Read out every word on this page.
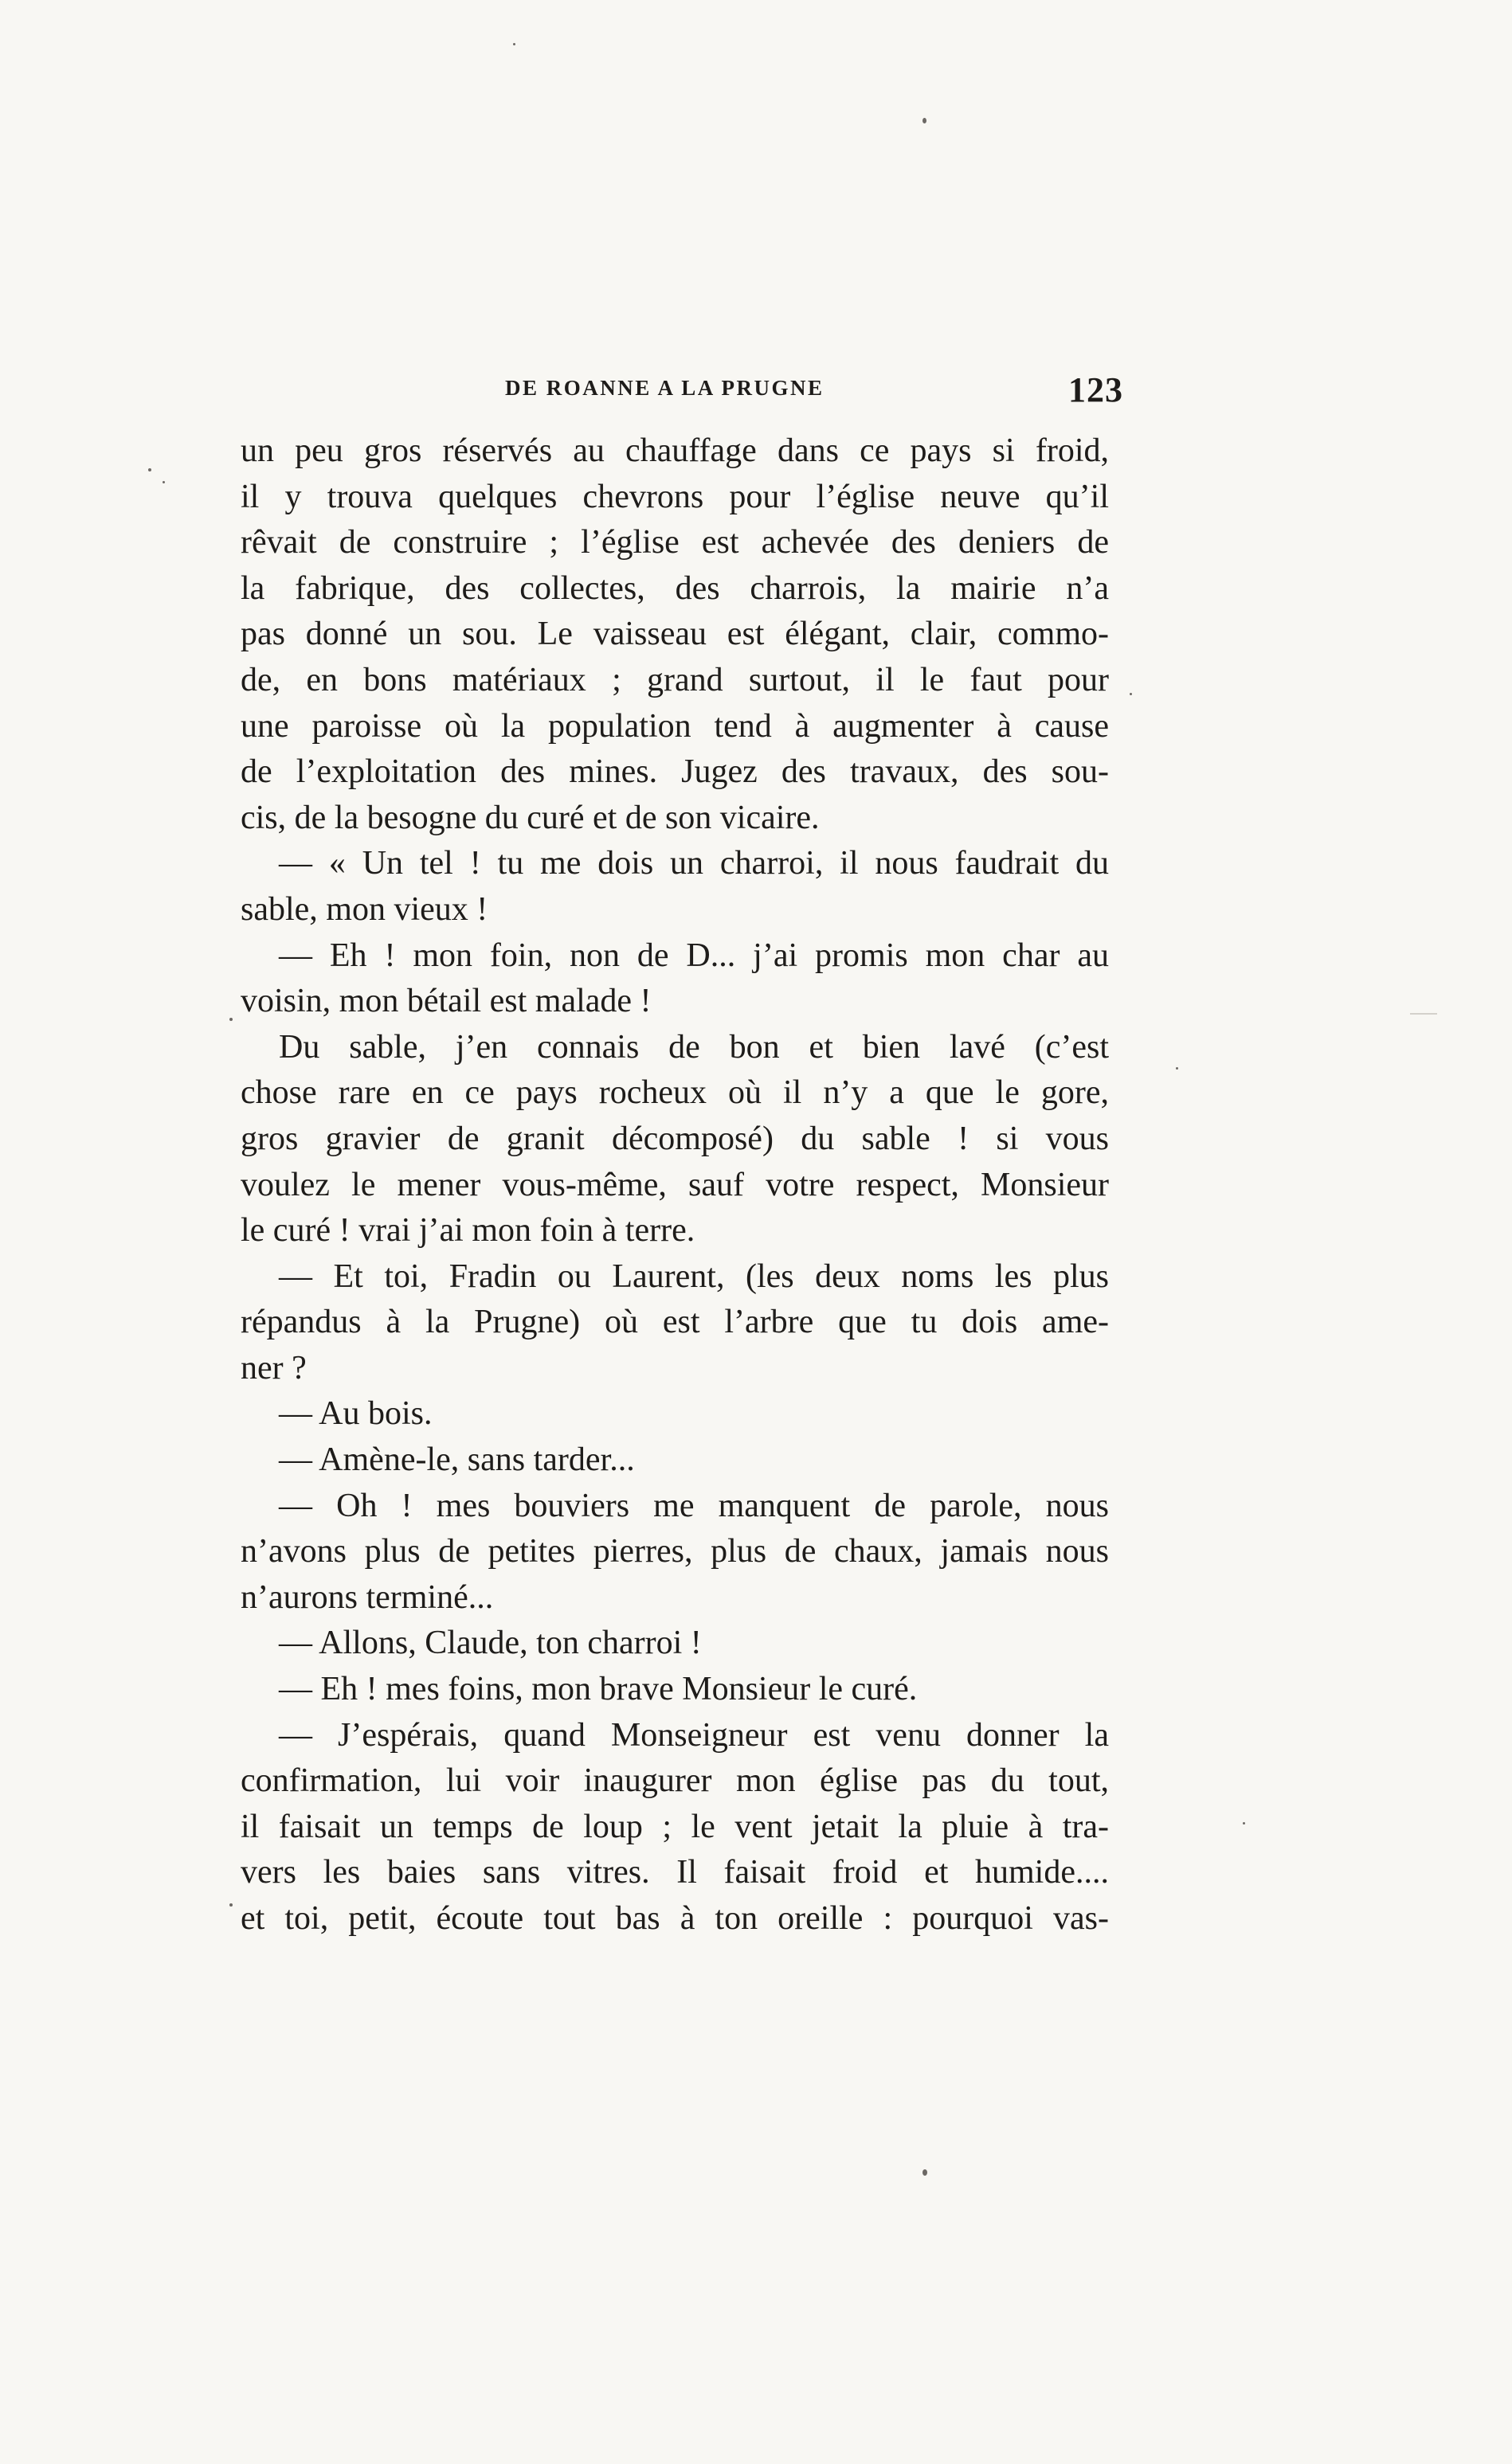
DE ROANNE A LA PRUGNE	123
un peu gros réservés au chauffage dans ce pays si froid,
il y trouva quelques chevrons pour l’église neuve qu’il
rêvait de construire ; l’église est achevée des deniers de
la fabrique, des collectes, des charrois, la mairie n’a
pas donné un sou. Le vaisseau est élégant, clair, commo-
de, en bons matériaux ; grand surtout, il le faut pour
une paroisse où la population tend à augmenter à cause
de l’exploitation des mines. Jugez des travaux, des sou-
cis, de la besogne du curé et de son vicaire.
— « Un tel ! tu me dois un charroi, il nous faudrait du
sable, mon vieux !
— Eh ! mon foin, non de D... j’ai promis mon char au
voisin, mon bétail est malade !
Du sable, j’en connais de bon et bien lavé (c’est
chose rare en ce pays rocheux où il n’y a que le gore,
gros gravier de granit décomposé) du sable ! si vous
voulez le mener vous-même, sauf votre respect, Monsieur
le curé ! vrai j’ai mon foin à terre.
— Et toi, Fradin ou Laurent, (les deux noms les plus
répandus à la Prugne) où est l’arbre que tu dois ame-
ner ?
— Au bois.
— Amène-le, sans tarder...
— Oh ! mes bouviers me manquent de parole, nous
n’avons plus de petites pierres, plus de chaux, jamais nous
n’aurons terminé...
— Allons, Claude, ton charroi !
— Eh ! mes foins, mon brave Monsieur le curé.
— J’espérais, quand Monseigneur est venu donner la
confirmation, lui voir inaugurer mon église pas du tout,
il faisait un temps de loup ; le vent jetait la pluie à tra-
vers les baies sans vitres. Il faisait froid et humide....
et toi, petit, écoute tout bas à ton oreille : pourquoi vas-
